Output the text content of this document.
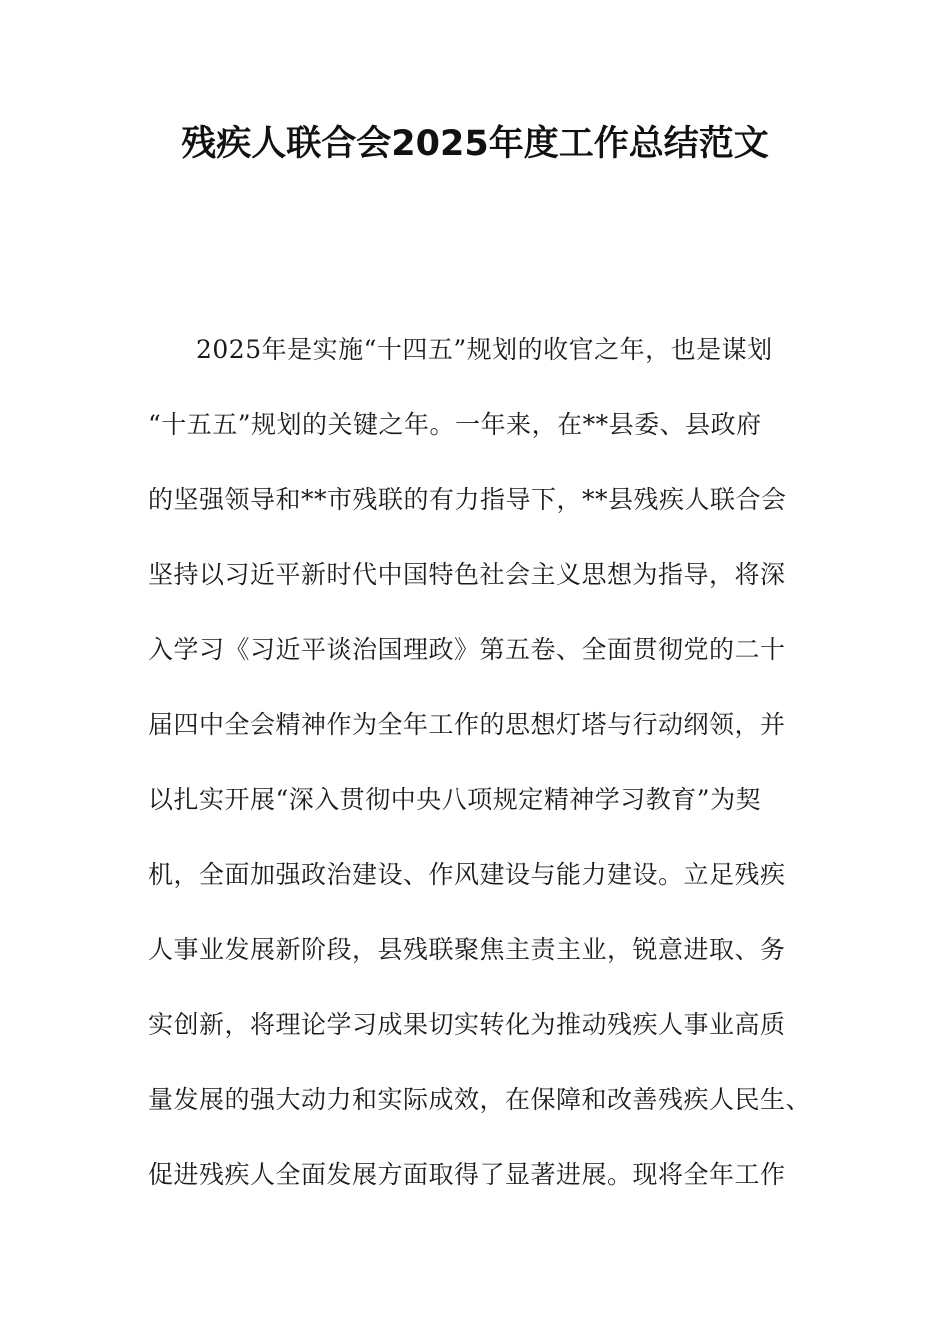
残疾人联合会2025年度工作总结范文
2025年是实施“十四五”规划的收官之年，也是谋划
“十五五”规划的关键之年。一年来，在**县委、县政府
的坚强领导和**市残联的有力指导下，**县残疾人联合会
坚持以习近平新时代中国特色社会主义思想为指导，将深
入学习《习近平谈治国理政》第五卷、全面贯彻党的二十
届四中全会精神作为全年工作的思想灯塔与行动纲领，并
以扎实开展“深入贯彻中央八项规定精神学习教育”为契
机，全面加强政治建设、作风建设与能力建设。立足残疾
人事业发展新阶段，县残联聚焦主责主业，锐意进取、务
实创新，将理论学习成果切实转化为推动残疾人事业高质
量发展的强大动力和实际成效，在保障和改善残疾人民生、
促进残疾人全面发展方面取得了显著进展。现将全年工作
